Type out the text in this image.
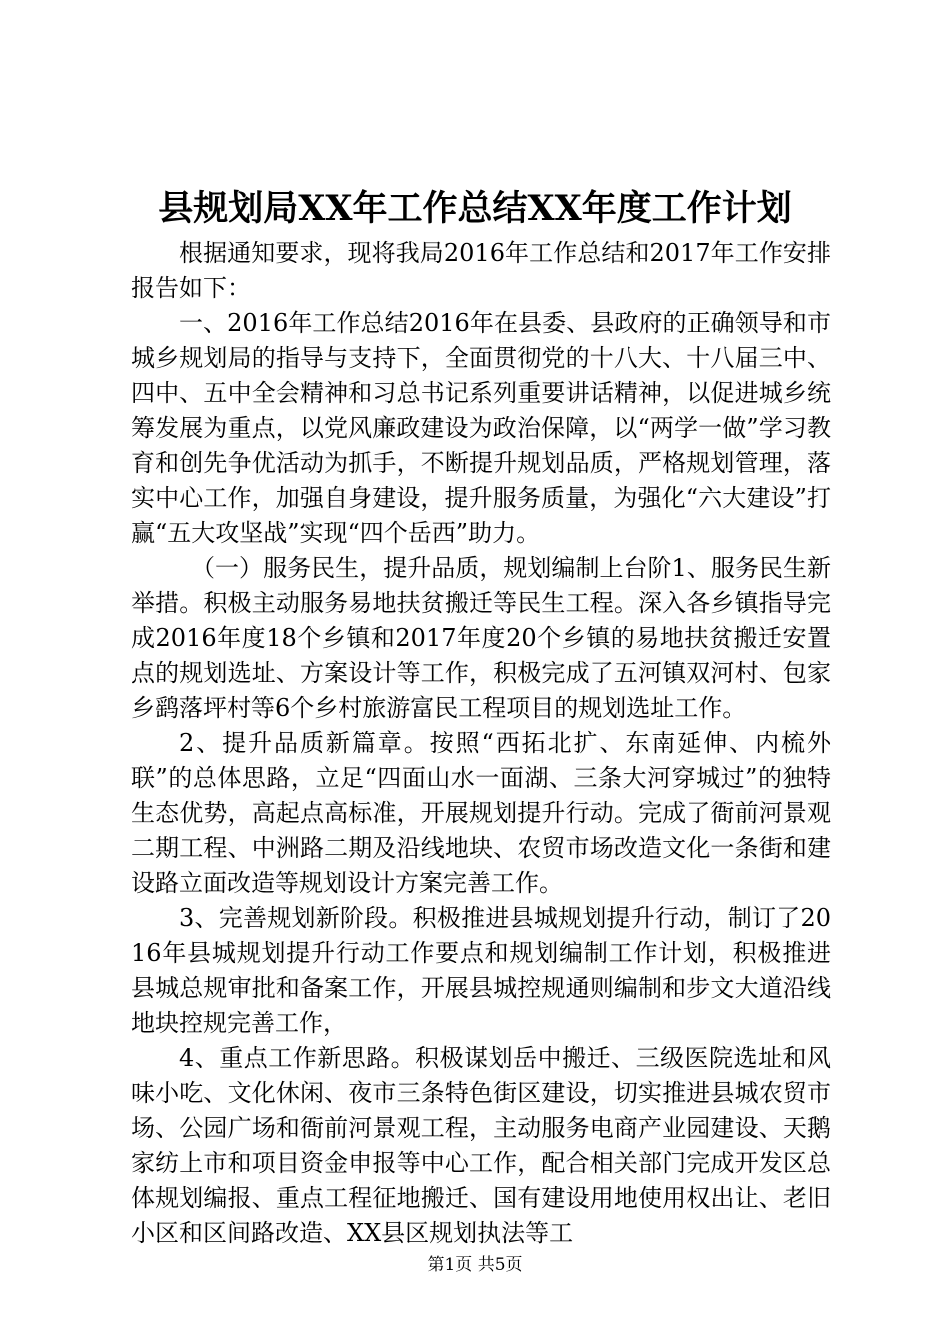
县规划局XX年工作总结XX年度工作计划

根据通知要求，现将我局2016年工作总结和2017年工作安排报告如下：

一、2016年工作总结2016年在县委、县政府的正确领导和市城乡规划局的指导与支持下，全面贯彻党的十八大、十八届三中、四中、五中全会精神和习总书记系列重要讲话精神，以促进城乡统筹发展为重点，以党风廉政建设为政治保障，以“两学一做”学习教育和创先争优活动为抓手，不断提升规划品质，严格规划管理，落实中心工作，加强自身建设，提升服务质量，为强化“六大建设”打赢“五大攻坚战”实现“四个岳西”助力。

（一）服务民生，提升品质，规划编制上台阶1、服务民生新举措。积极主动服务易地扶贫搬迁等民生工程。深入各乡镇指导完成2016年度18个乡镇和2017年度20个乡镇的易地扶贫搬迁安置点的规划选址、方案设计等工作，积极完成了五河镇双河村、包家乡鹞落坪村等6个乡村旅游富民工程项目的规划选址工作。

2、提升品质新篇章。按照“西拓北扩、东南延伸、内梳外联”的总体思路，立足“四面山水一面湖、三条大河穿城过”的独特生态优势，高起点高标准，开展规划提升行动。完成了衙前河景观二期工程、中洲路二期及沿线地块、农贸市场改造文化一条街和建设路立面改造等规划设计方案完善工作。

3、完善规划新阶段。积极推进县城规划提升行动，制订了2016年县城规划提升行动工作要点和规划编制工作计划，积极推进县城总规审批和备案工作，开展县城控规通则编制和步文大道沿线地块控规完善工作，

4、重点工作新思路。积极谋划岳中搬迁、三级医院选址和风味小吃、文化休闲、夜市三条特色街区建设，切实推进县城农贸市场、公园广场和衙前河景观工程，主动服务电商产业园建设、天鹅家纺上市和项目资金申报等中心工作，配合相关部门完成开发区总体规划编报、重点工程征地搬迁、国有建设用地使用权出让、老旧小区和区间路改造、XX县区规划执法等工

第1页 共5页
